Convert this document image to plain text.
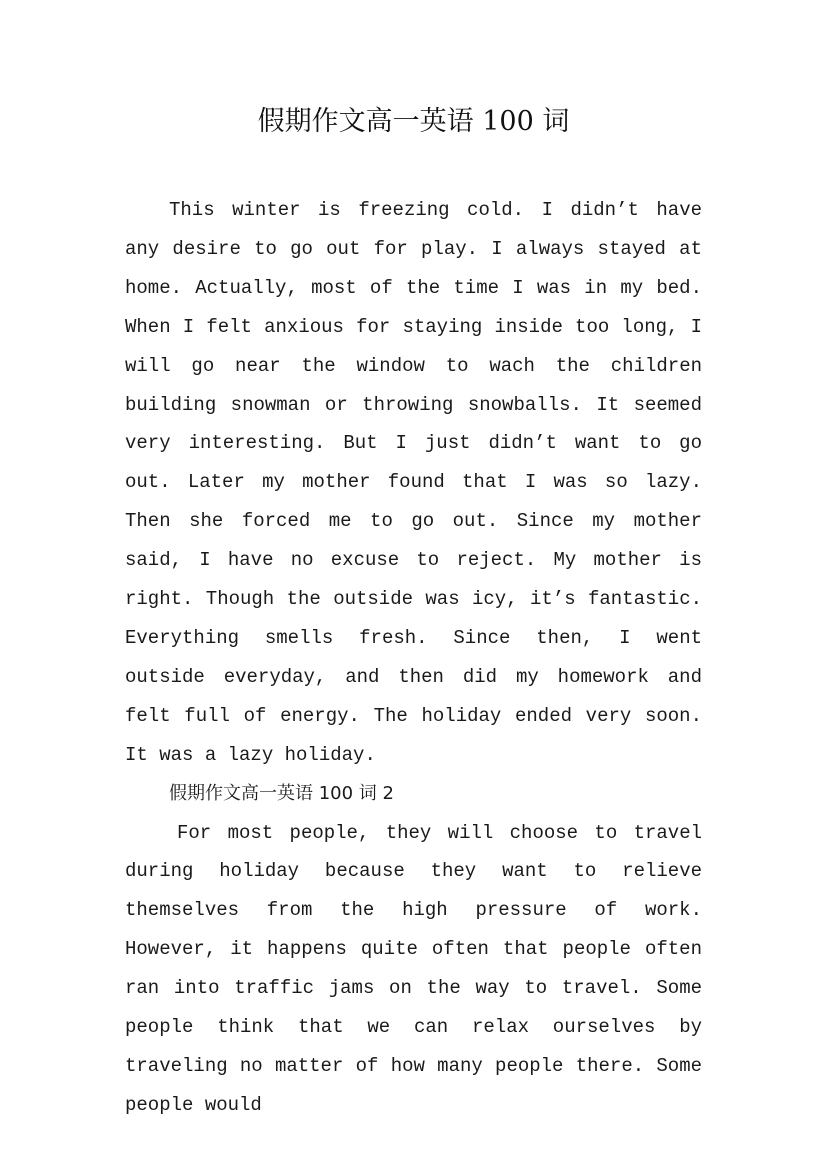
假期作文高一英语 100 词

This winter is freezing cold. I didn’t have any desire to go out for play. I always stayed at home. Actually, most of the time I was in my bed. When I felt anxious for staying inside too long, I will go near the window to wach the children building snowman or throwing snowballs. It seemed very interesting. But I just didn’t want to go out. Later my mother found that I was so lazy. Then she forced me to go out. Since my mother said, I have no excuse to reject. My mother is right. Though the outside was icy, it’s fantastic. Everything smells fresh. Since then, I went outside everyday, and then did my homework and felt full of energy. The holiday ended very soon. It was a lazy holiday.

假期作文高一英语 100 词 2

For most people, they will choose to travel during holiday because they want to relieve themselves from the high pressure of work. However, it happens quite often that people often ran into traffic jams on the way to travel. Some people think that we can relax ourselves by traveling no matter of how many people there. Some people would
